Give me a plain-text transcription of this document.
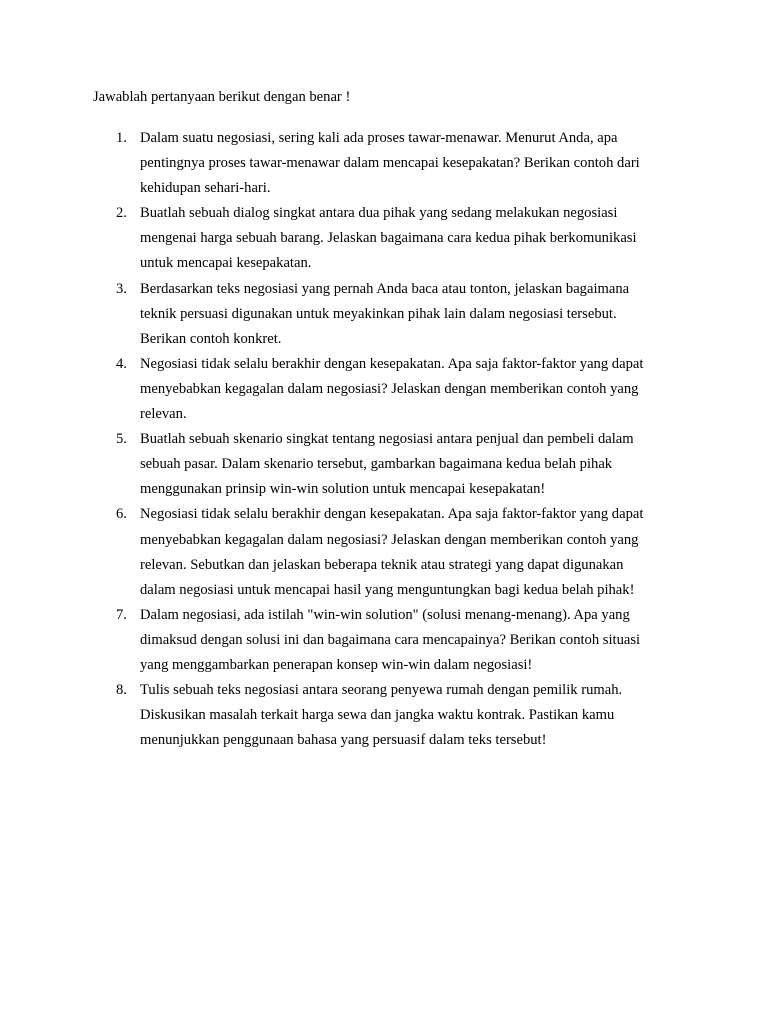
Jawablah pertanyaan berikut dengan benar !
1. Dalam suatu negosiasi, sering kali ada proses tawar-menawar. Menurut Anda, apa
pentingnya proses tawar-menawar dalam mencapai kesepakatan? Berikan contoh dari
kehidupan sehari-hari.
2. Buatlah sebuah dialog singkat antara dua pihak yang sedang melakukan negosiasi
mengenai harga sebuah barang. Jelaskan bagaimana cara kedua pihak berkomunikasi
untuk mencapai kesepakatan.
3. Berdasarkan teks negosiasi yang pernah Anda baca atau tonton, jelaskan bagaimana
teknik persuasi digunakan untuk meyakinkan pihak lain dalam negosiasi tersebut.
Berikan contoh konkret.
4. Negosiasi tidak selalu berakhir dengan kesepakatan. Apa saja faktor-faktor yang dapat
menyebabkan kegagalan dalam negosiasi? Jelaskan dengan memberikan contoh yang
relevan.
5. Buatlah sebuah skenario singkat tentang negosiasi antara penjual dan pembeli dalam
sebuah pasar. Dalam skenario tersebut, gambarkan bagaimana kedua belah pihak
menggunakan prinsip win-win solution untuk mencapai kesepakatan!
6. Negosiasi tidak selalu berakhir dengan kesepakatan. Apa saja faktor-faktor yang dapat
menyebabkan kegagalan dalam negosiasi? Jelaskan dengan memberikan contoh yang
relevan. Sebutkan dan jelaskan beberapa teknik atau strategi yang dapat digunakan
dalam negosiasi untuk mencapai hasil yang menguntungkan bagi kedua belah pihak!
7. Dalam negosiasi, ada istilah "win-win solution" (solusi menang-menang). Apa yang
dimaksud dengan solusi ini dan bagaimana cara mencapainya? Berikan contoh situasi
yang menggambarkan penerapan konsep win-win dalam negosiasi!
8. Tulis sebuah teks negosiasi antara seorang penyewa rumah dengan pemilik rumah.
Diskusikan masalah terkait harga sewa dan jangka waktu kontrak. Pastikan kamu
menunjukkan penggunaan bahasa yang persuasif dalam teks tersebut!
